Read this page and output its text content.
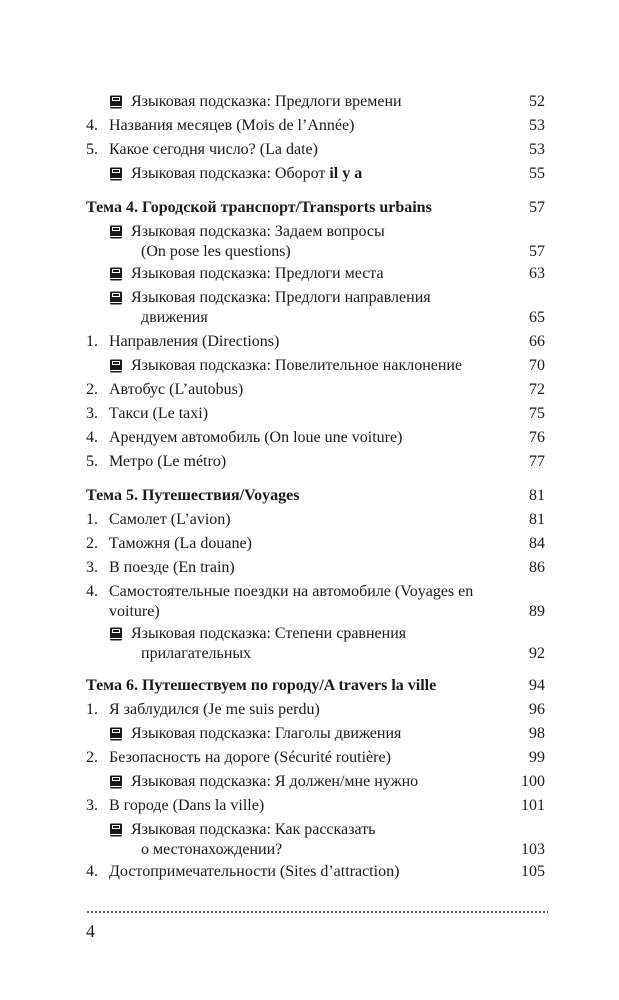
Языковая подсказка: Предлоги времени	52
4. Названия месяцев (Mois de l’Année)	53
5. Какое сегодня число? (La date)	53
Языковая подсказка: Оборот il y a	55
Тема 4. Городской транспорт/Transports urbains	57
Языковая подсказка: Задаем вопросы
(On pose les questions)	57
Языковая подсказка: Предлоги места	63
Языковая подсказка: Предлоги направления
движения	65
1. Направления (Directions)	66
Языковая подсказка: Повелительное наклонение	70
2. Автобус (L’autobus)	72
3. Такси (Le taxi)	75
4. Арендуем автомобиль (On loue une voiture)	76
5. Метро (Le métro)	77
Тема 5. Путешествия/Voyages	81
1. Самолет (L’avion)	81
2. Таможня (La douane)	84
3. В поезде (En train)	86
4. Самостоятельные поездки на автомобиле (Voyages en
voiture)	89
Языковая подсказка: Степени сравнения
прилагательных	92
Тема 6. Путешествуем по городу/A travers la ville	94
1. Я заблудился (Je me suis perdu)	96
Языковая подсказка: Глаголы движения	98
2. Безопасность на дороге (Sécurité routière)	99
Языковая подсказка: Я должен/мне нужно	100
3. В городе (Dans la ville)	101
Языковая подсказка: Как рассказать
о местонахождении?	103
4. Достопримечательности (Sites d’attraction)	105
4
